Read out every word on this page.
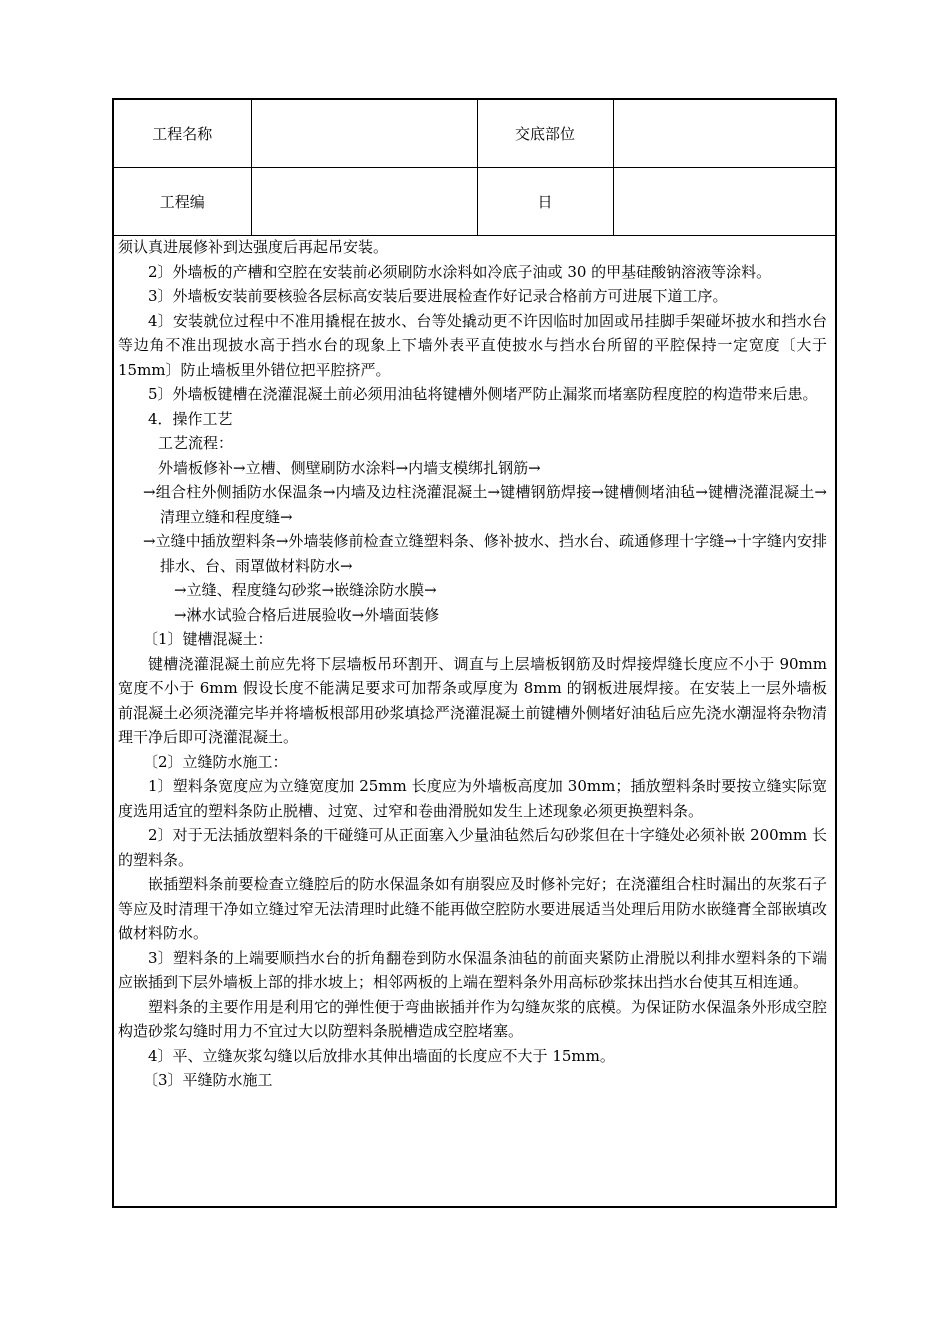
工程名称		交底部位	
工程编		日	
须认真进展修补到达强度后再起吊安装。
2〕外墙板的产槽和空腔在安装前必须刷防水涂料如冷底子油或 30 的甲基硅酸钠溶液等涂料。
3〕外墙板安装前要核验各层标高安装后要进展检查作好记录合格前方可进展下道工序。
4〕安装就位过程中不准用撬棍在披水、台等处撬动更不许因临时加固或吊挂脚手架碰坏披水和挡水台等边角不准出现披水高于挡水台的现象上下墙外表平直使披水与挡水台所留的平腔保持一定宽度〔大于 15mm〕防止墙板里外错位把平腔挤严。
5〕外墙板键槽在浇灌混凝土前必须用油毡将键槽外侧堵严防止漏浆而堵塞防程度腔的构造带来后患。
4．操作工艺
工艺流程：
外墙板修补→立槽、侧壁刷防水涂料→内墙支模绑扎钢筋→
→组合柱外侧插防水保温条→内墙及边柱浇灌混凝土→键槽钢筋焊接→键槽侧堵油毡→键槽浇灌混凝土→清理立缝和程度缝→
→立缝中插放塑料条→外墙装修前检查立缝塑料条、修补披水、挡水台、疏通修理十字缝→十字缝内安排排水、台、雨罩做材料防水→
→立缝、程度缝勾砂浆→嵌缝涂防水膜→
→淋水试验合格后进展验收→外墙面装修
〔1〕键槽混凝土：
键槽浇灌混凝土前应先将下层墙板吊环割开、调直与上层墙板钢筋及时焊接焊缝长度应不小于 90mm 宽度不小于 6mm 假设长度不能满足要求可加帮条或厚度为 8mm 的钢板进展焊接。在安装上一层外墙板前混凝土必须浇灌完毕并将墙板根部用砂浆填捻严浇灌混凝土前键槽外侧堵好油毡后应先浇水潮湿将杂物清理干净后即可浇灌混凝土。
〔2〕立缝防水施工：
1〕塑料条宽度应为立缝宽度加 25mm 长度应为外墙板高度加 30mm；插放塑料条时要按立缝实际宽度选用适宜的塑料条防止脱槽、过宽、过窄和卷曲滑脱如发生上述现象必须更换塑料条。
2〕对于无法插放塑料条的干碰缝可从正面塞入少量油毡然后勾砂浆但在十字缝处必须补嵌 200mm 长的塑料条。
嵌插塑料条前要检查立缝腔后的防水保温条如有崩裂应及时修补完好；在浇灌组合柱时漏出的灰浆石子等应及时清理干净如立缝过窄无法清理时此缝不能再做空腔防水要进展适当处理后用防水嵌缝膏全部嵌填改做材料防水。
3〕塑料条的上端要顺挡水台的折角翻卷到防水保温条油毡的前面夹紧防止滑脱以利排水塑料条的下端应嵌插到下层外墙板上部的排水坡上；相邻两板的上端在塑料条外用高标砂浆抹出挡水台使其互相连通。
塑料条的主要作用是利用它的弹性便于弯曲嵌插并作为勾缝灰浆的底模。为保证防水保温条外形成空腔构造砂浆勾缝时用力不宜过大以防塑料条脱槽造成空腔堵塞。
4〕平、立缝灰浆勾缝以后放排水其伸出墙面的长度应不大于 15mm。
〔3〕平缝防水施工
